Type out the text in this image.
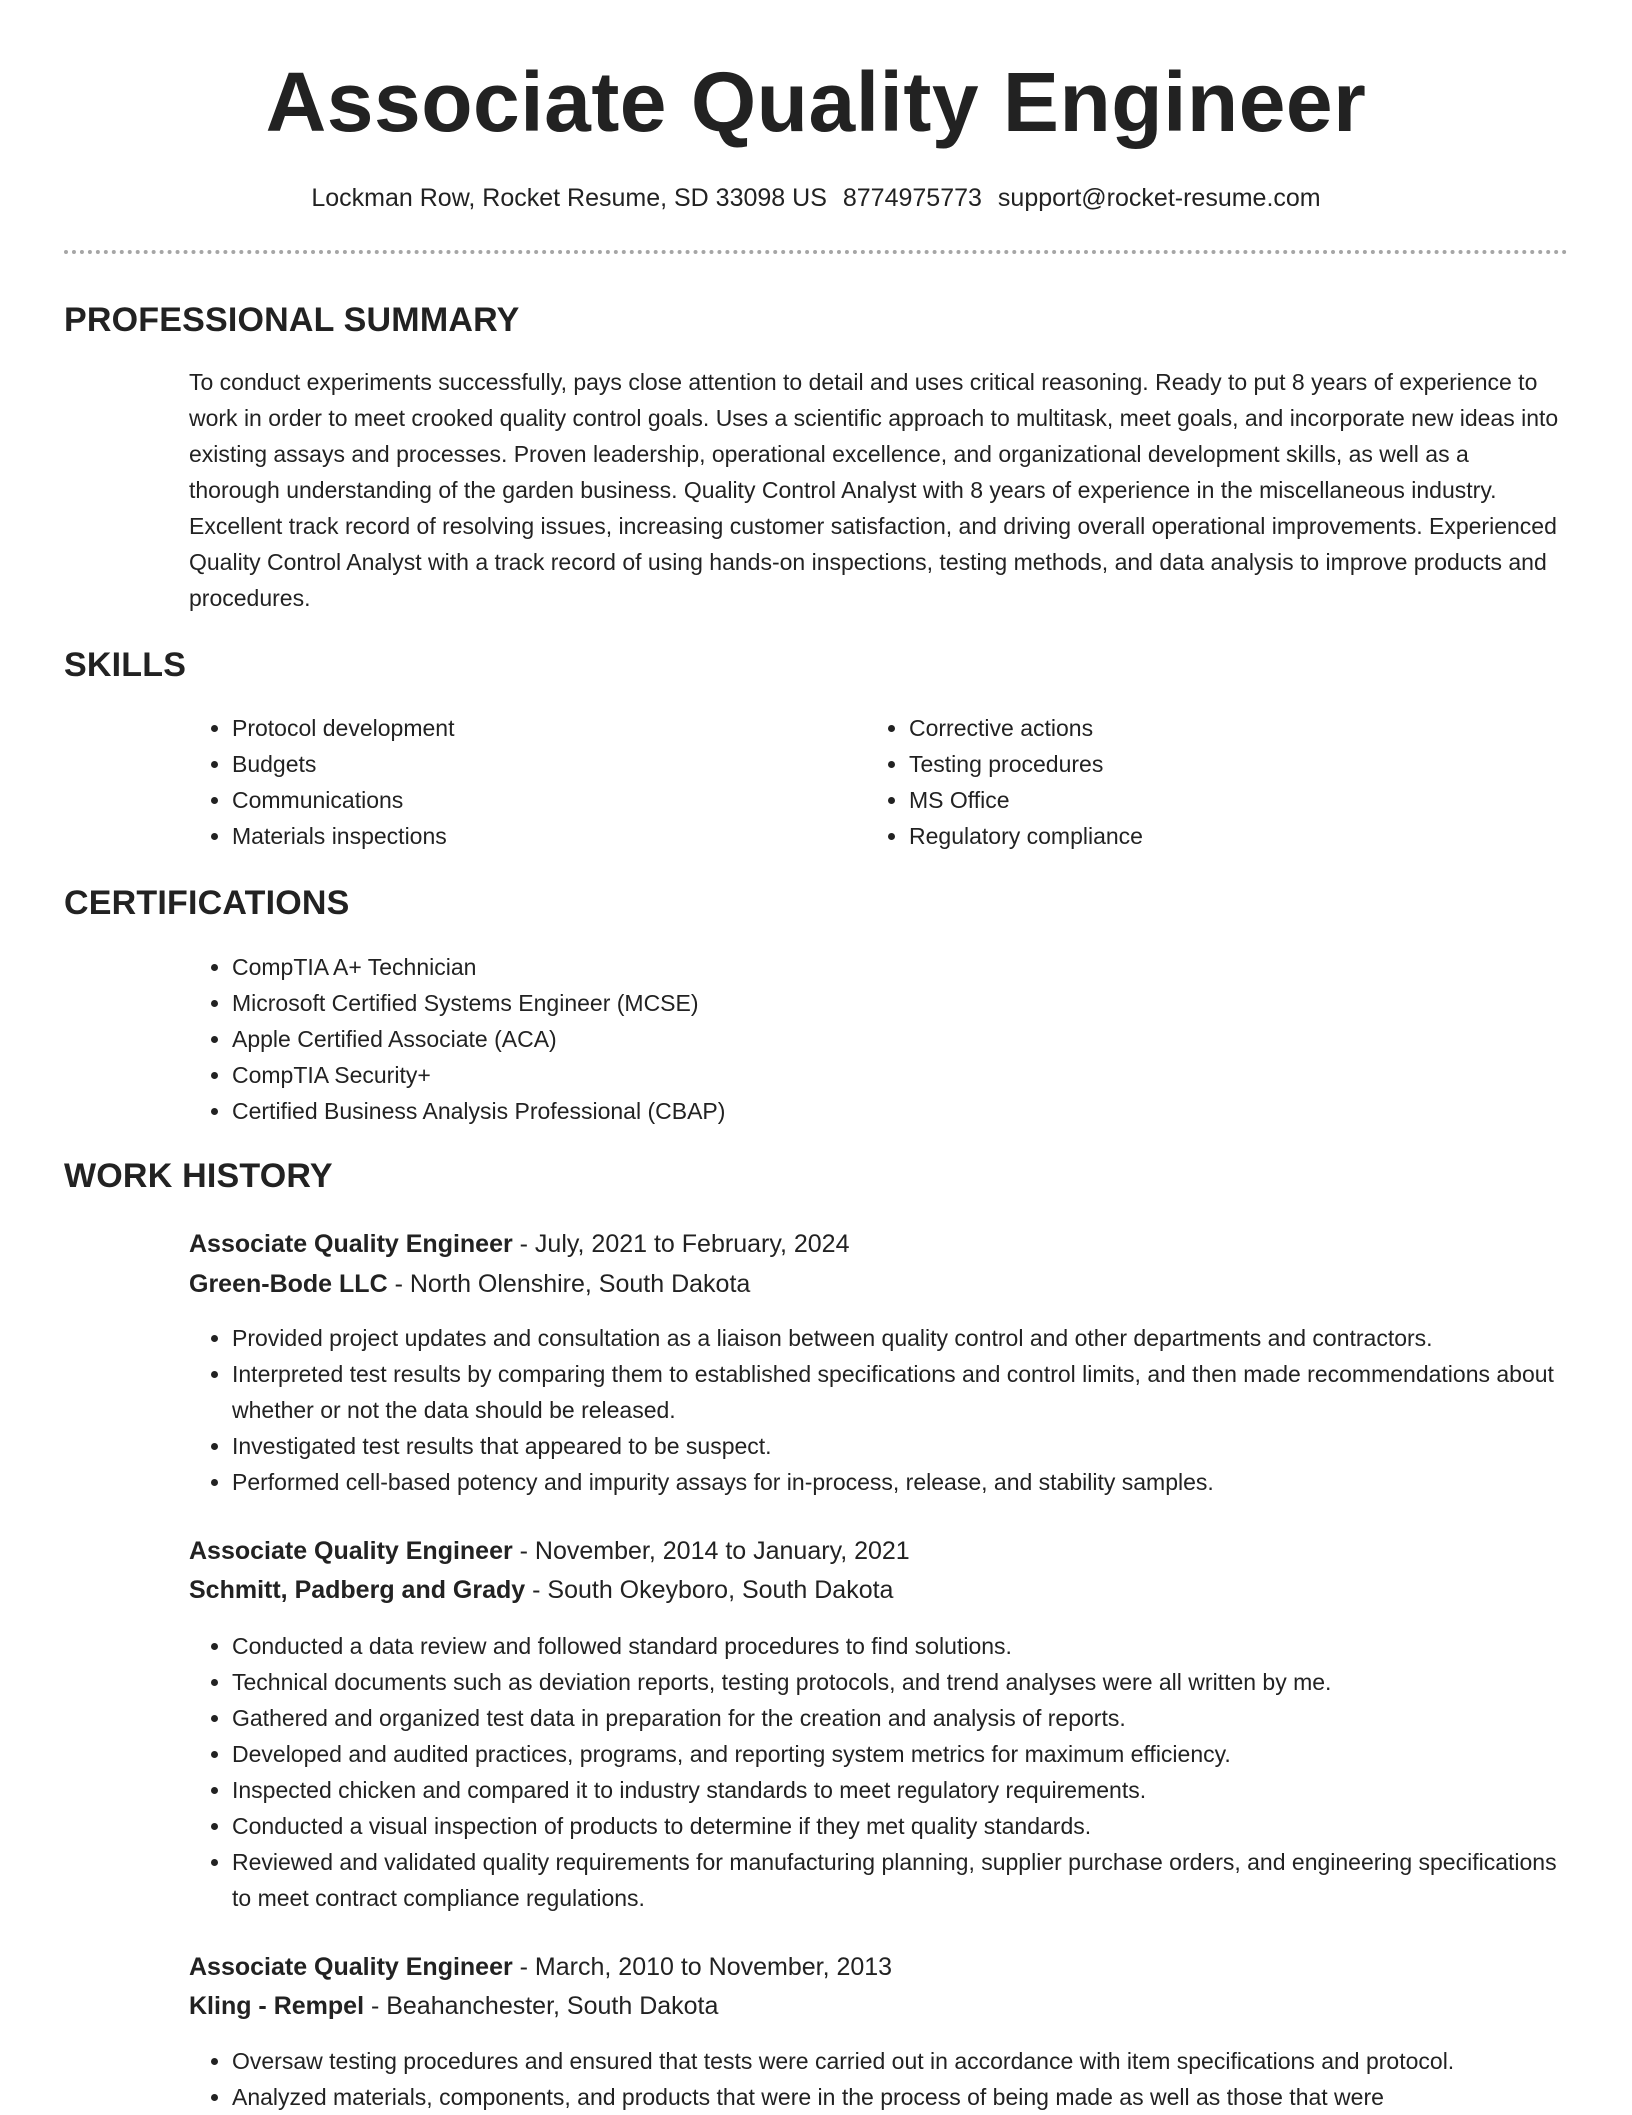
Associate Quality Engineer
Lockman Row, Rocket Resume, SD 33098 US 8774975773 support@rocket-resume.com
PROFESSIONAL SUMMARY
To conduct experiments successfully, pays close attention to detail and uses critical reasoning. Ready to put 8 years of experience to work in order to meet crooked quality control goals. Uses a scientific approach to multitask, meet goals, and incorporate new ideas into existing assays and processes. Proven leadership, operational excellence, and organizational development skills, as well as a thorough understanding of the garden business. Quality Control Analyst with 8 years of experience in the miscellaneous industry. Excellent track record of resolving issues, increasing customer satisfaction, and driving overall operational improvements. Experienced Quality Control Analyst with a track record of using hands-on inspections, testing methods, and data analysis to improve products and procedures.
SKILLS
• Protocol development
• Budgets
• Communications
• Materials inspections
• Corrective actions
• Testing procedures
• MS Office
• Regulatory compliance
CERTIFICATIONS
• CompTIA A+ Technician
• Microsoft Certified Systems Engineer (MCSE)
• Apple Certified Associate (ACA)
• CompTIA Security+
• Certified Business Analysis Professional (CBAP)
WORK HISTORY
Associate Quality Engineer - July, 2021 to February, 2024
Green-Bode LLC - North Olenshire, South Dakota
• Provided project updates and consultation as a liaison between quality control and other departments and contractors.
• Interpreted test results by comparing them to established specifications and control limits, and then made recommendations about whether or not the data should be released.
• Investigated test results that appeared to be suspect.
• Performed cell-based potency and impurity assays for in-process, release, and stability samples.
Associate Quality Engineer - November, 2014 to January, 2021
Schmitt, Padberg and Grady - South Okeyboro, South Dakota
• Conducted a data review and followed standard procedures to find solutions.
• Technical documents such as deviation reports, testing protocols, and trend analyses were all written by me.
• Gathered and organized test data in preparation for the creation and analysis of reports.
• Developed and audited practices, programs, and reporting system metrics for maximum efficiency.
• Inspected chicken and compared it to industry standards to meet regulatory requirements.
• Conducted a visual inspection of products to determine if they met quality standards.
• Reviewed and validated quality requirements for manufacturing planning, supplier purchase orders, and engineering specifications to meet contract compliance regulations.
Associate Quality Engineer - March, 2010 to November, 2013
Kling - Rempel - Beahanchester, South Dakota
• Oversaw testing procedures and ensured that tests were carried out in accordance with item specifications and protocol.
• Analyzed materials, components, and products that were in the process of being made as well as those that were
